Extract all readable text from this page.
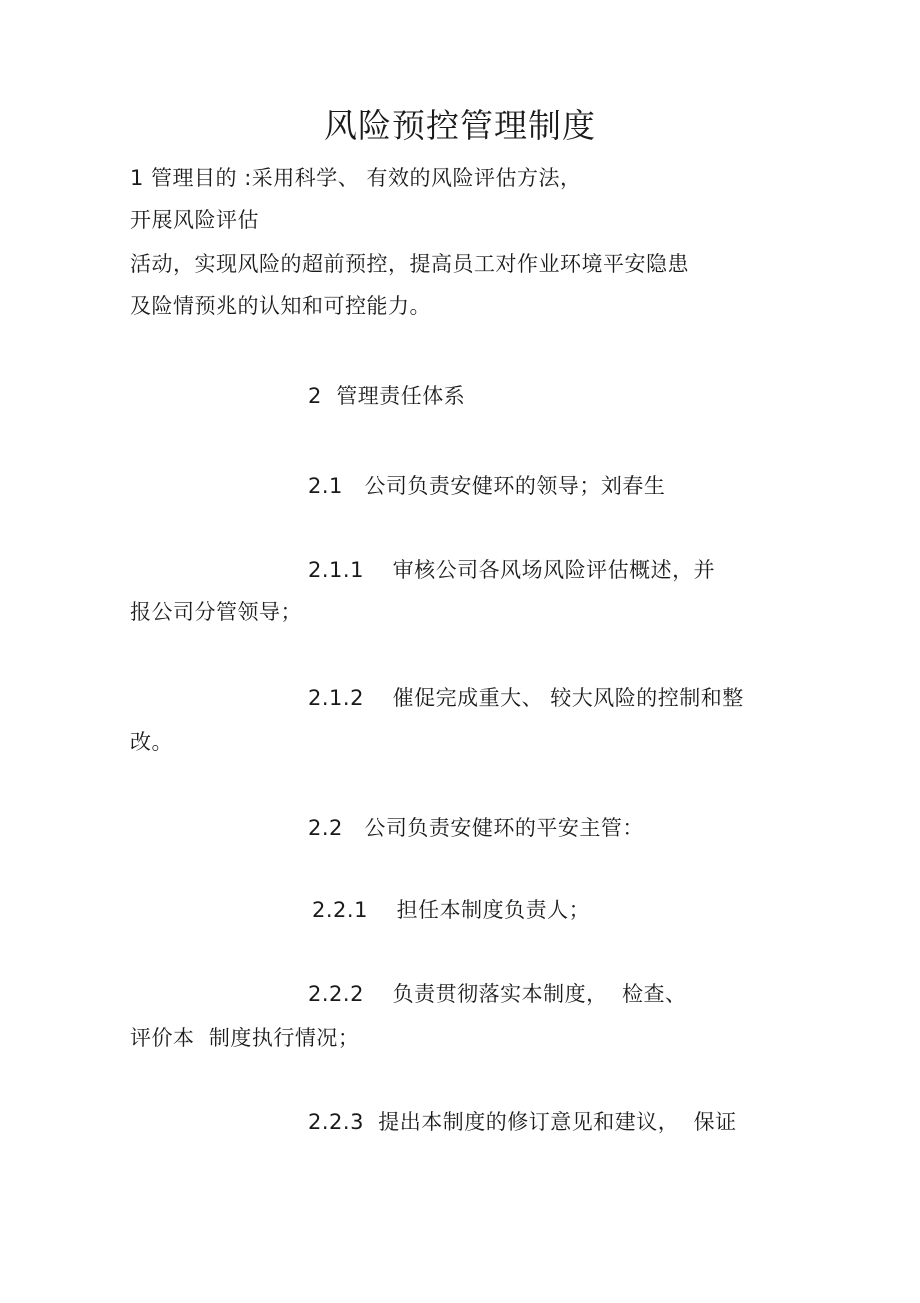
风险预控管理制度
1 管理目的 :采用科学、 有效的风险评估方法，
开展风险评估
活动，实现风险的超前预控，提高员工对作业环境平安隐患
及险情预兆的认知和可控能力。
2  管理责任体系
2.1   公司负责安健环的领导；刘春生
2.1.1    审核公司各风场风险评估概述，并
报公司分管领导；
2.1.2    催促完成重大、 较大风险的控制和整
改。
2.2   公司负责安健环的平安主管：
2.2.1    担任本制度负责人；
2.2.2    负责贯彻落实本制度，  检查、
评价本  制度执行情况；
2.2.3  提出本制度的修订意见和建议，  保证
